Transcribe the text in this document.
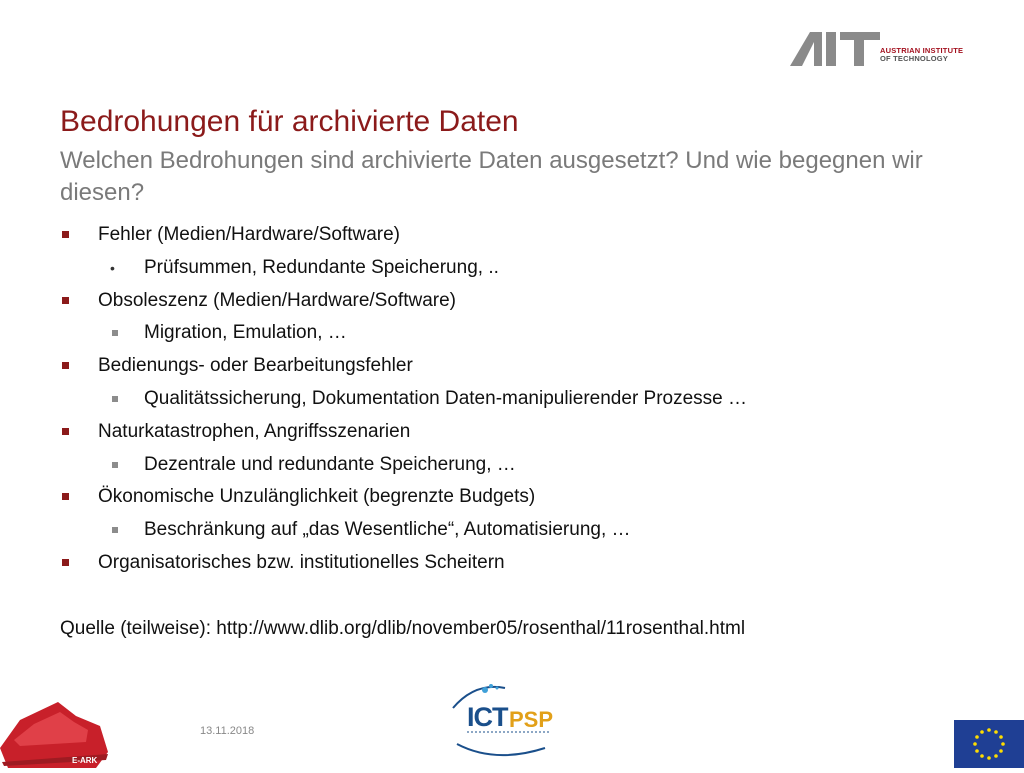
AUSTRIAN INSTITUTE
OF TECHNOLOGY
Bedrohungen für archivierte Daten
Welchen Bedrohungen sind archivierte Daten ausgesetzt? Und wie begegnen wir diesen?
Fehler (Medien/Hardware/Software)
• Prüfsummen, Redundante Speicherung, ..
Obsoleszenz (Medien/Hardware/Software)
Migration, Emulation, …
Bedienungs- oder Bearbeitungsfehler
Qualitätssicherung, Dokumentation Daten-manipulierender Prozesse …
Naturkatastrophen, Angriffsszenarien
Dezentrale und redundante Speicherung, …
Ökonomische Unzulänglichkeit (begrenzte Budgets)
Beschränkung auf „das Wesentliche“, Automatisierung, …
Organisatorisches bzw. institutionelles Scheitern
Quelle (teilweise): http://www.dlib.org/dlib/november05/rosenthal/11rosenthal.html
E-ARK
13.11.2018	ICT PSP
